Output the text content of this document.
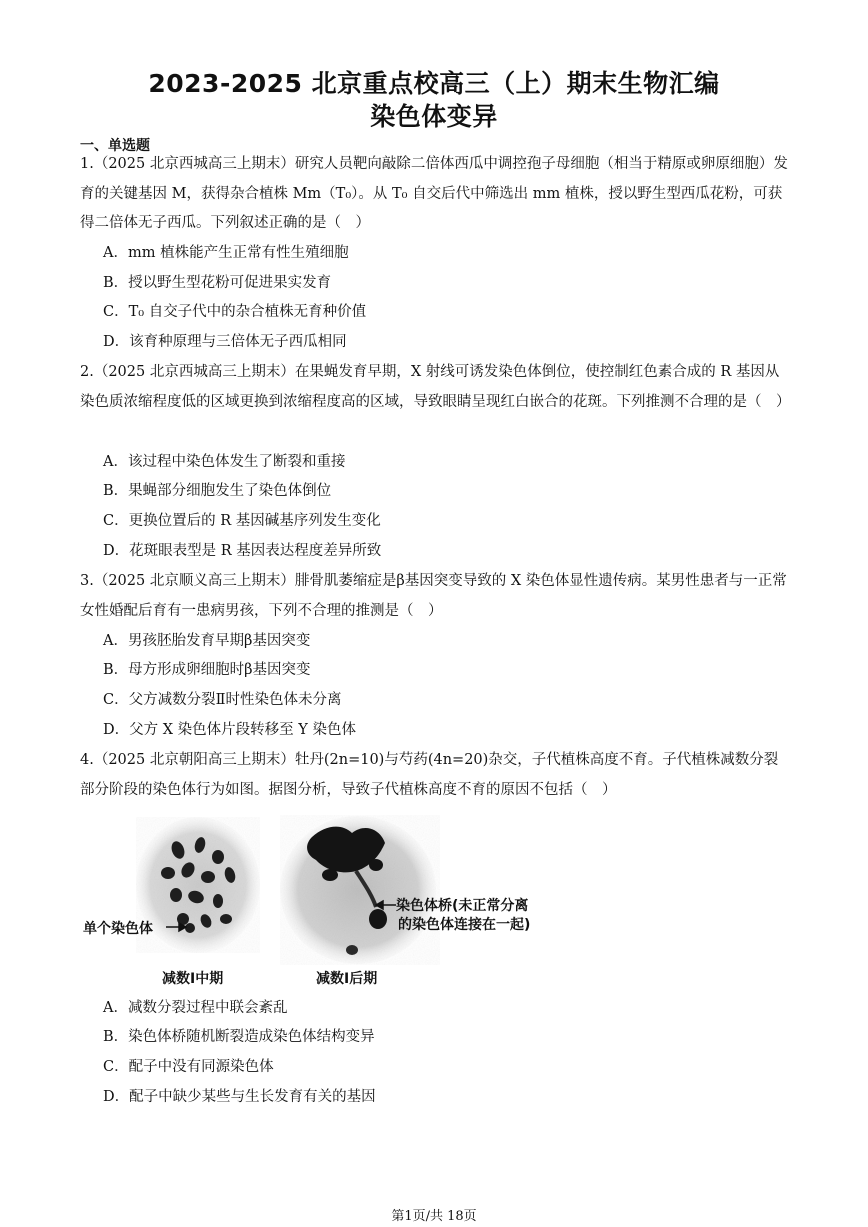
2023-2025 北京重点校高三（上）期末生物汇编
染色体变异
一、单选题
1.（2025 北京西城高三上期末）研究人员靶向敲除二倍体西瓜中调控孢子母细胞（相当于精原或卵原细胞）发育的关键基因 M，获得杂合植株 Mm（T₀）。从 T₀ 自交后代中筛选出 mm 植株，授以野生型西瓜花粉，可获得二倍体无子西瓜。下列叙述正确的是（　）
A．mm 植株能产生正常有性生殖细胞
B．授以野生型花粉可促进果实发育
C．T₀ 自交子代中的杂合植株无育种价值
D．该育种原理与三倍体无子西瓜相同
2.（2025 北京西城高三上期末）在果蝇发育早期，X 射线可诱发染色体倒位，使控制红色素合成的 R 基因从染色质浓缩程度低的区域更换到浓缩程度高的区域，导致眼睛呈现红白嵌合的花斑。下列推测不合理的是（　）
A．该过程中染色体发生了断裂和重接
B．果蝇部分细胞发生了染色体倒位
C．更换位置后的 R 基因碱基序列发生变化
D．花斑眼表型是 R 基因表达程度差异所致
3.（2025 北京顺义高三上期末）腓骨肌萎缩症是β基因突变导致的 X 染色体显性遗传病。某男性患者与一正常女性婚配后育有一患病男孩，下列不合理的推测是（　）
A．男孩胚胎发育早期β基因突变
B．母方形成卵细胞时β基因突变
C．父方减数分裂Ⅱ时性染色体未分离
D．父方 X 染色体片段转移至 Y 染色体
4.（2025 北京朝阳高三上期末）牡丹(2n=10)与芍药(4n=20)杂交，子代植株高度不育。子代植株减数分裂部分阶段的染色体行为如图。据图分析，导致子代植株高度不育的原因不包括（　）
单个染色体
染色体桥(未正常分离
的染色体连接在一起)
减数Ⅰ中期	减数Ⅰ后期
A．减数分裂过程中联会紊乱
B．染色体桥随机断裂造成染色体结构变异
C．配子中没有同源染色体
D．配子中缺少某些与生长发育有关的基因
第1页/共 18页
